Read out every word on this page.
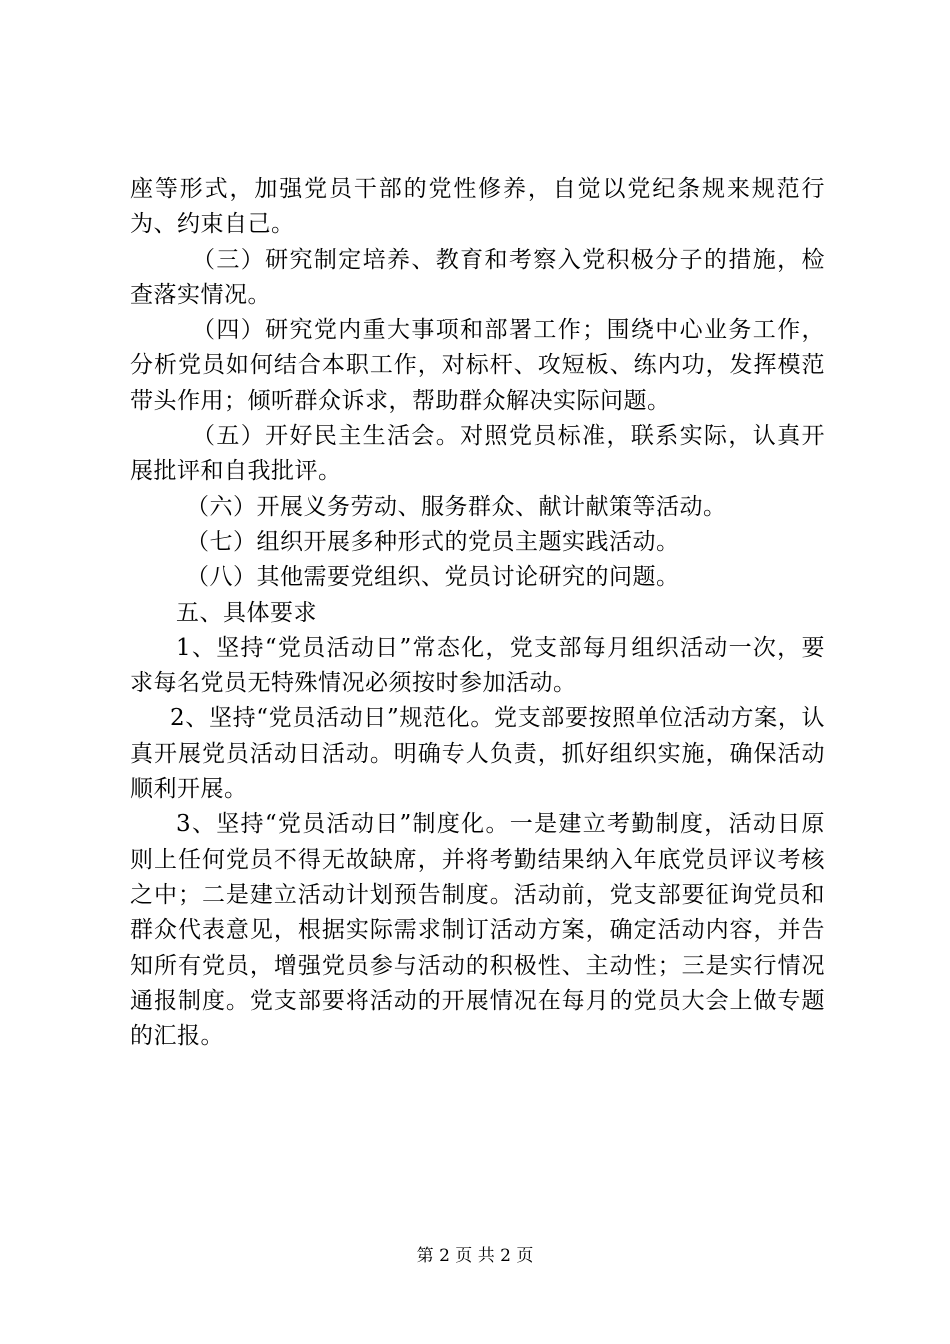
座等形式，加强党员干部的党性修养，自觉以党纪条规来规范行为、约束自己。

（三）研究制定培养、教育和考察入党积极分子的措施，检查落实情况。

（四）研究党内重大事项和部署工作；围绕中心业务工作，分析党员如何结合本职工作，对标杆、攻短板、练内功，发挥模范带头作用；倾听群众诉求，帮助群众解决实际问题。

（五）开好民主生活会。对照党员标准，联系实际，认真开展批评和自我批评。

（六）开展义务劳动、服务群众、献计献策等活动。

（七）组织开展多种形式的党员主题实践活动。

（八）其他需要党组织、党员讨论研究的问题。

五、具体要求

1、坚持“党员活动日”常态化，党支部每月组织活动一次，要求每名党员无特殊情况必须按时参加活动。

2、坚持“党员活动日”规范化。党支部要按照单位活动方案，认真开展党员活动日活动。明确专人负责，抓好组织实施，确保活动顺利开展。

3、坚持“党员活动日”制度化。一是建立考勤制度，活动日原则上任何党员不得无故缺席，并将考勤结果纳入年底党员评议考核之中；二是建立活动计划预告制度。活动前，党支部要征询党员和群众代表意见，根据实际需求制订活动方案，确定活动内容，并告知所有党员，增强党员参与活动的积极性、主动性；三是实行情况通报制度。党支部要将活动的开展情况在每月的党员大会上做专题的汇报。

第 2 页 共 2 页
